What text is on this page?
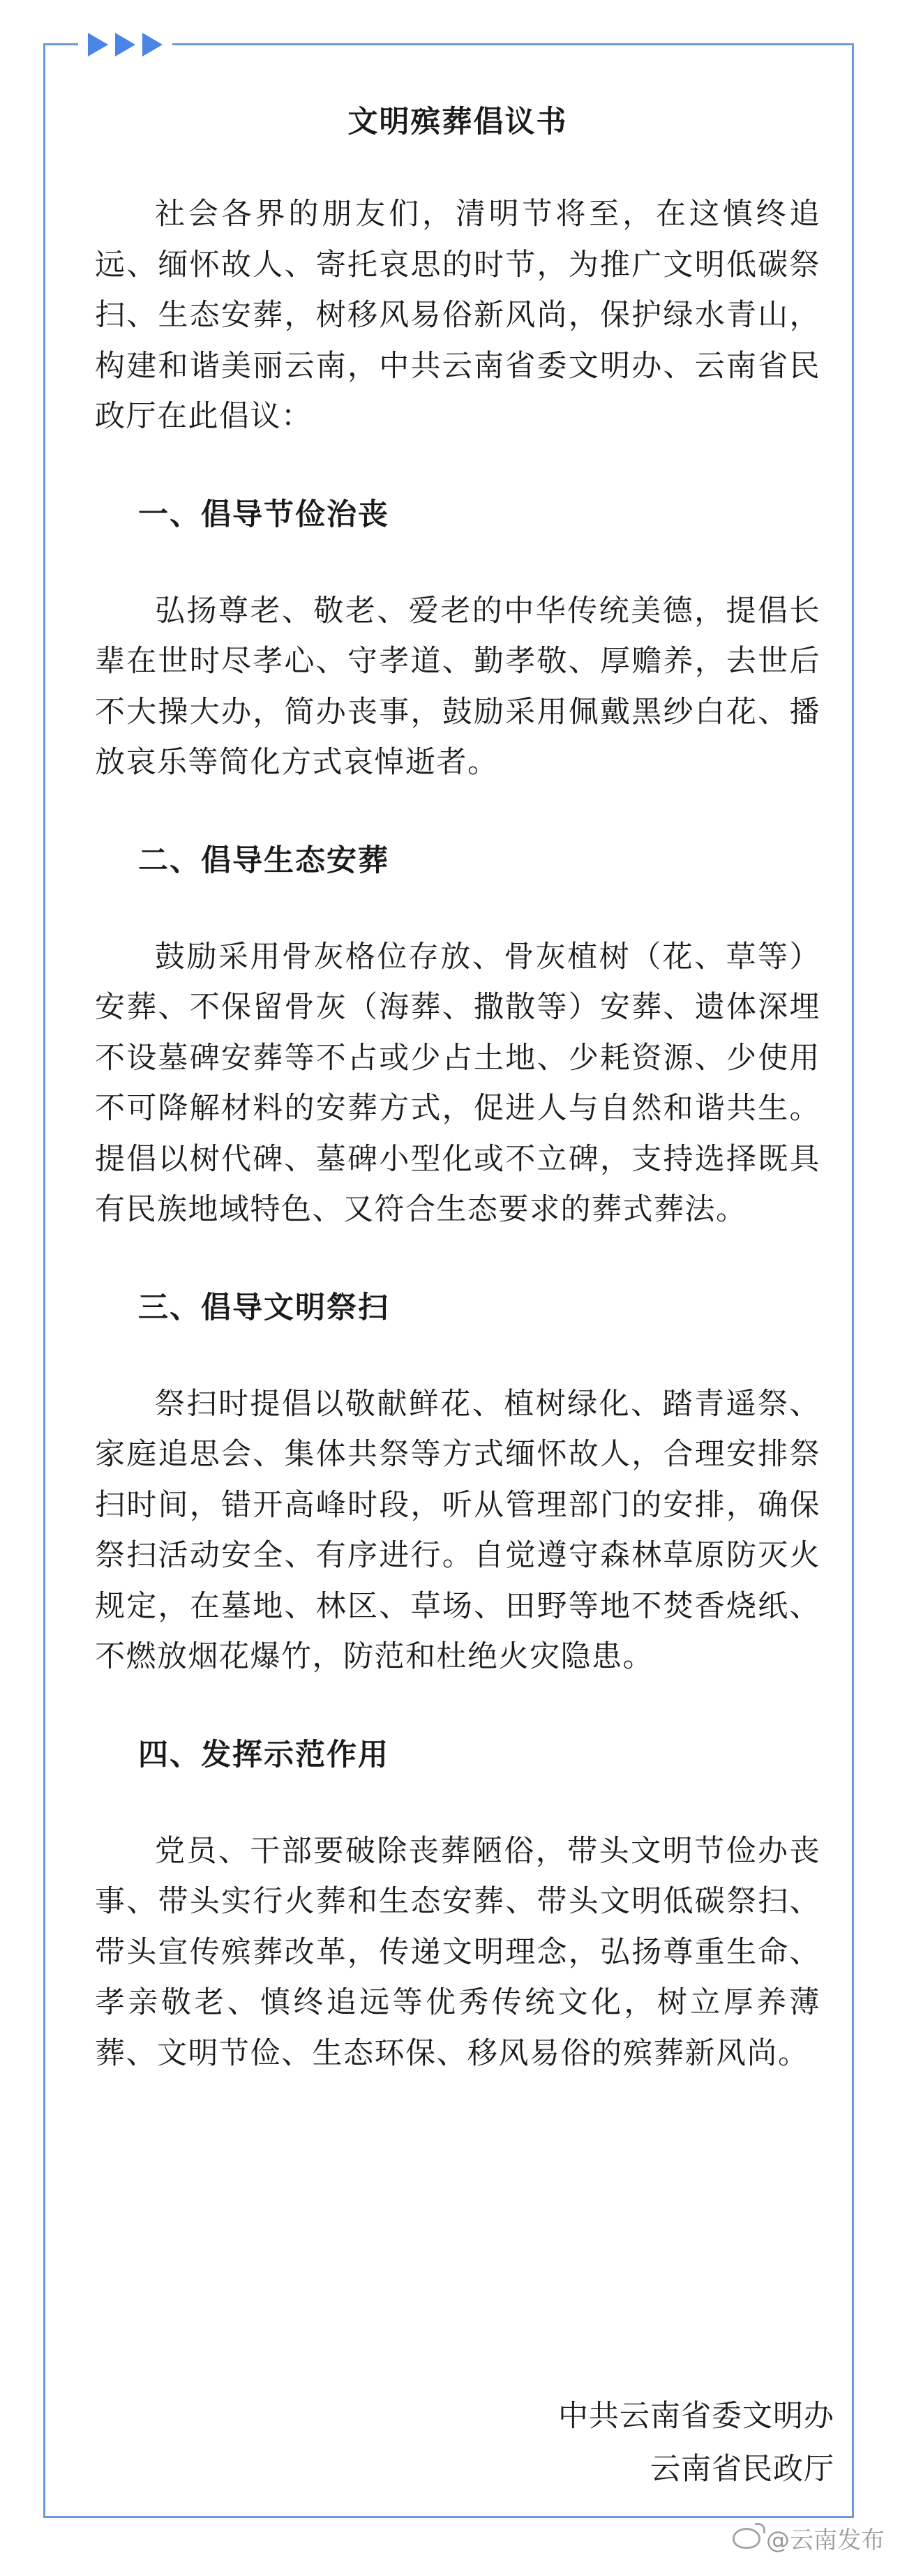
文明殡葬倡议书

社会各界的朋友们，清明节将至，在这慎终追远、缅怀故人、寄托哀思的时节，为推广文明低碳祭扫、生态安葬，树移风易俗新风尚，保护绿水青山，构建和谐美丽云南，中共云南省委文明办、云南省民政厅在此倡议：

一、倡导节俭治丧

弘扬尊老、敬老、爱老的中华传统美德，提倡长辈在世时尽孝心、守孝道、勤孝敬、厚赡养，去世后不大操大办，简办丧事，鼓励采用佩戴黑纱白花、播放哀乐等简化方式哀悼逝者。

二、倡导生态安葬

鼓励采用骨灰格位存放、骨灰植树（花、草等）安葬、不保留骨灰（海葬、撒散等）安葬、遗体深埋不设墓碑安葬等不占或少占土地、少耗资源、少使用不可降解材料的安葬方式，促进人与自然和谐共生。提倡以树代碑、墓碑小型化或不立碑，支持选择既具有民族地域特色、又符合生态要求的葬式葬法。

三、倡导文明祭扫

祭扫时提倡以敬献鲜花、植树绿化、踏青遥祭、家庭追思会、集体共祭等方式缅怀故人，合理安排祭扫时间，错开高峰时段，听从管理部门的安排，确保祭扫活动安全、有序进行。自觉遵守森林草原防灭火规定，在墓地、林区、草场、田野等地不焚香烧纸、不燃放烟花爆竹，防范和杜绝火灾隐患。

四、发挥示范作用

党员、干部要破除丧葬陋俗，带头文明节俭办丧事、带头实行火葬和生态安葬、带头文明低碳祭扫、带头宣传殡葬改革，传递文明理念，弘扬尊重生命、孝亲敬老、慎终追远等优秀传统文化，树立厚养薄葬、文明节俭、生态环保、移风易俗的殡葬新风尚。

中共云南省委文明办
云南省民政厅
@云南发布
